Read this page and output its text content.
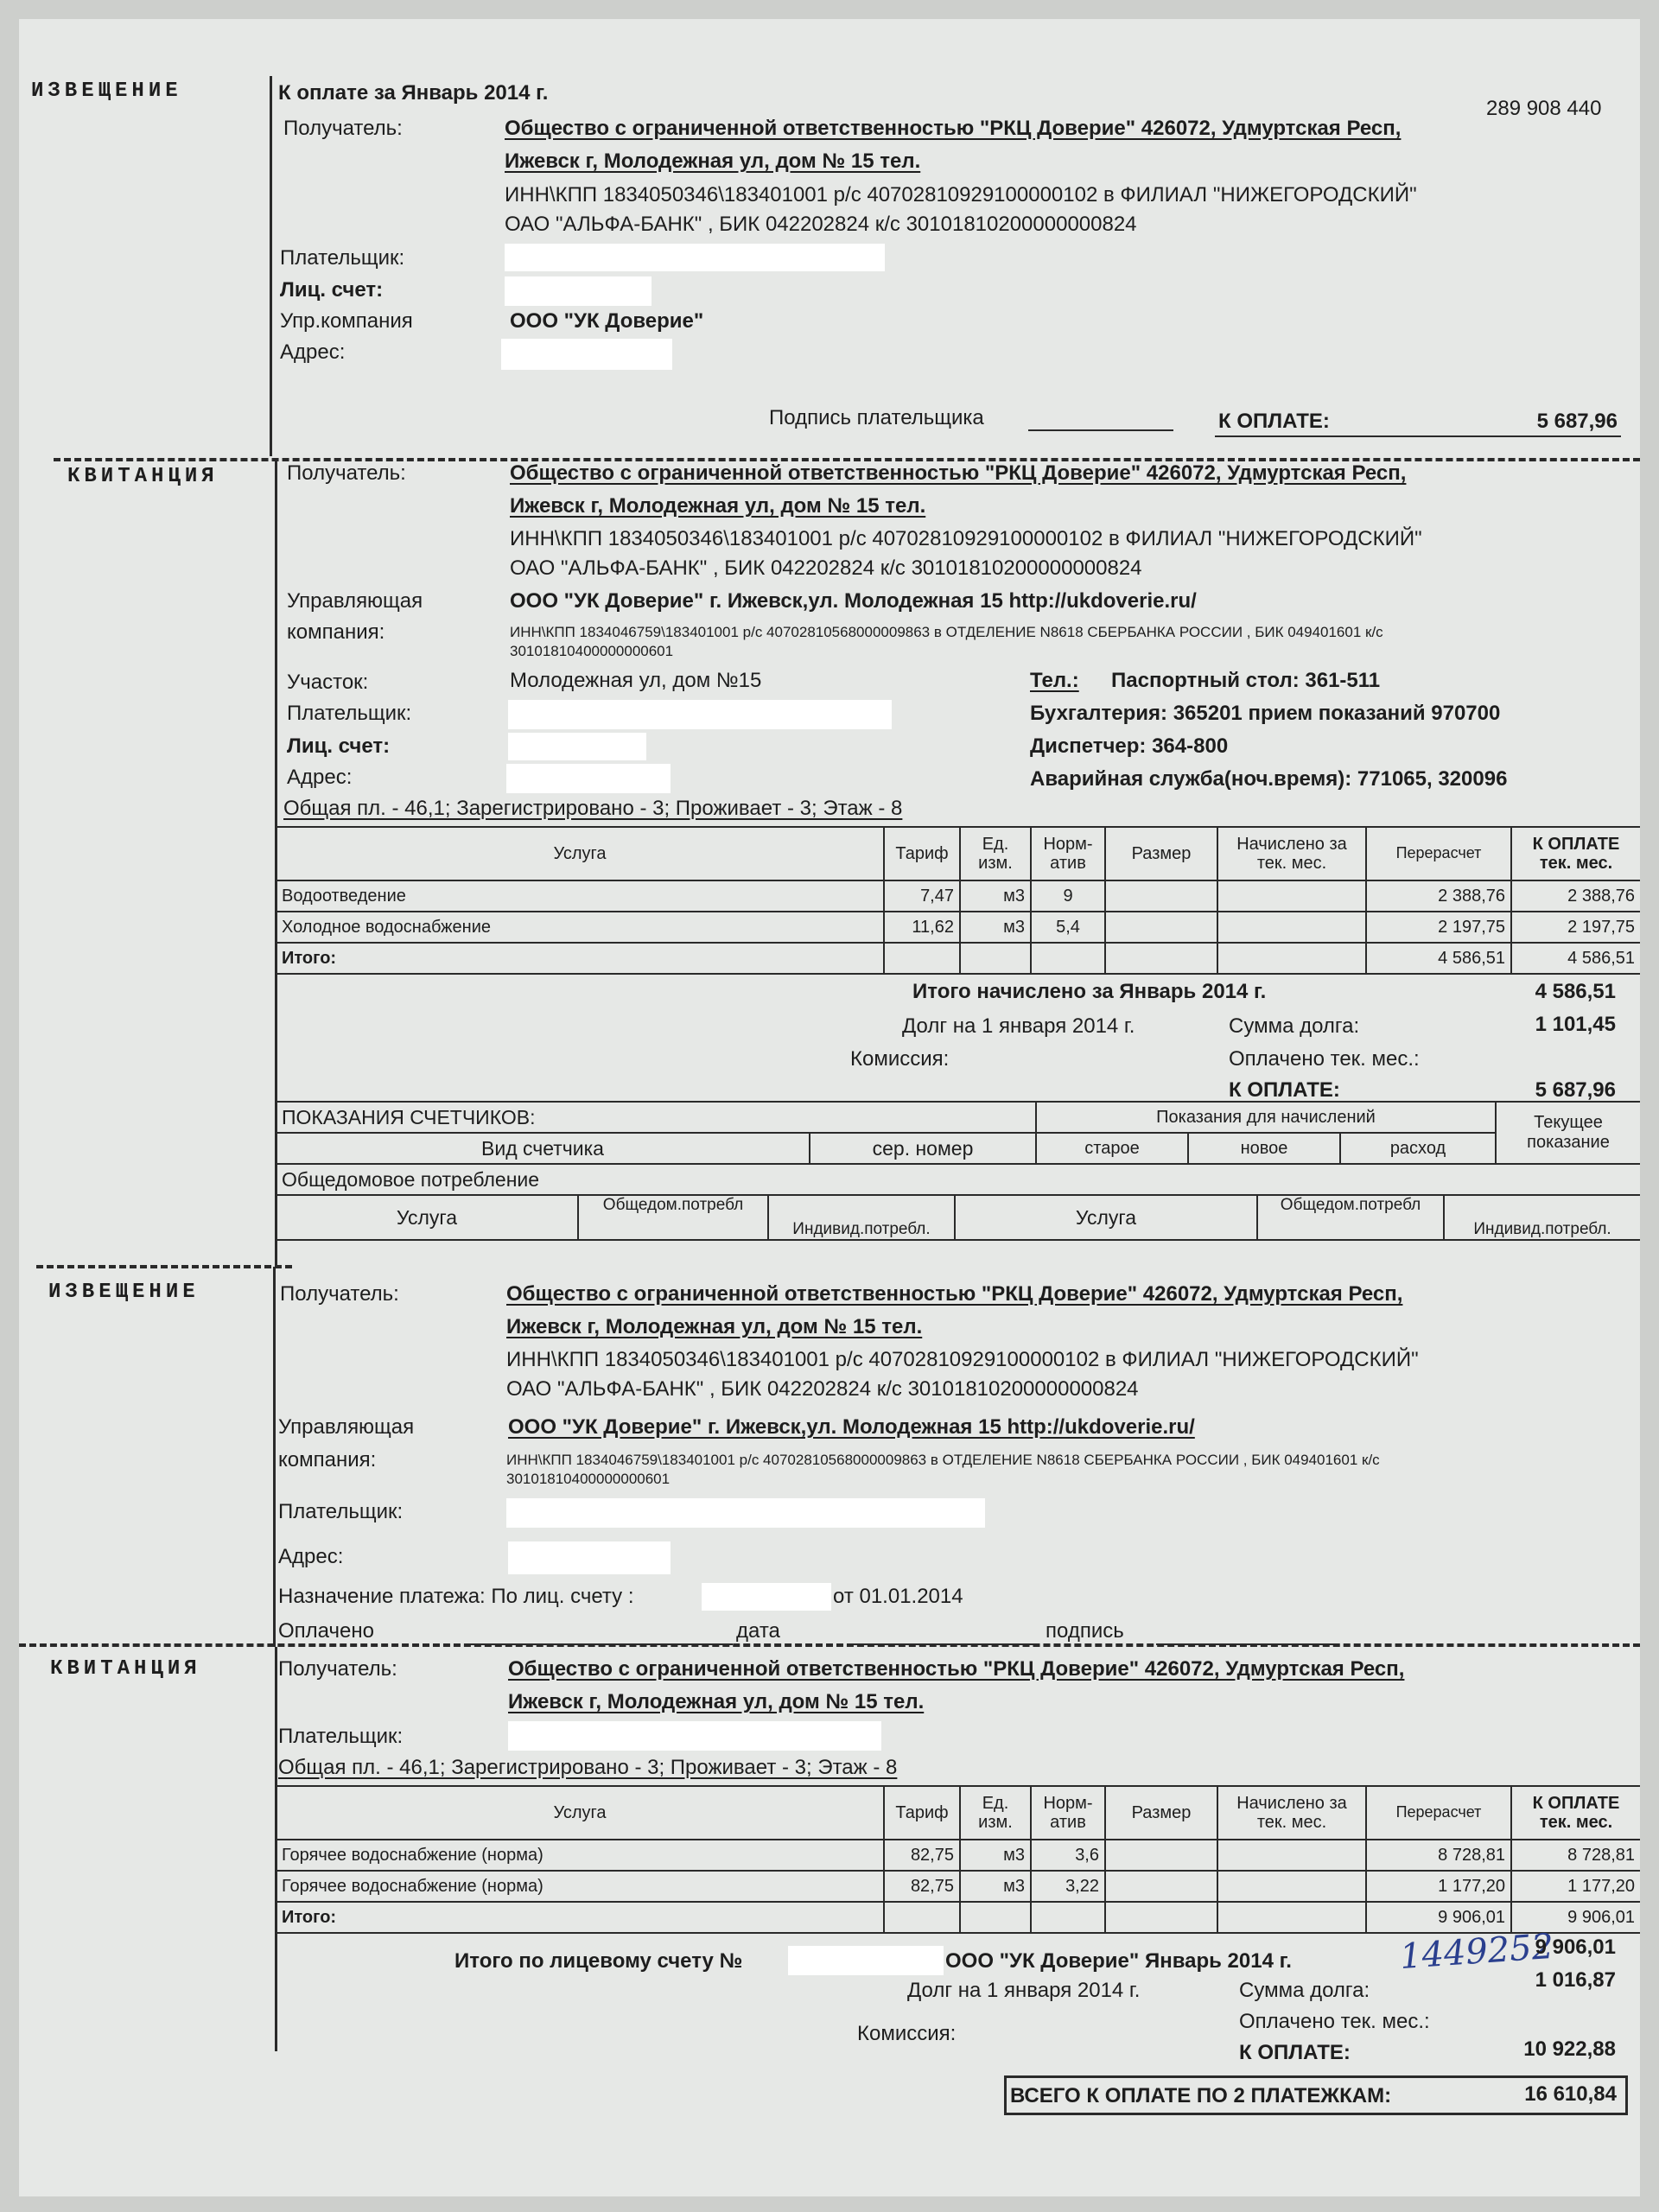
ИЗВЕЩЕНИЕ	К оплате за Январь 2014 г.
289 908 440
Получатель:	Общество с ограниченной ответственностью "РКЦ Доверие" 426072, Удмуртская Респ,
Ижевск г, Молодежная ул, дом № 15 тел.
ИНН\КПП 1834050346\183401001 р/с 40702810929100000102 в ФИЛИАЛ "НИЖЕГОРОДСКИЙ"
ОАО "АЛЬФА-БАНК" , БИК 042202824 к/с 30101810200000000824
Плательщик:
Лиц. счет:
Упр.компания	ООО "УК Доверие"
Адрес:
Подпись плательщика	К ОПЛАТЕ:	5 687,96
КВИТАНЦИЯ	Получатель:	Общество с ограниченной ответственностью "РКЦ Доверие" 426072, Удмуртская Респ,
Ижевск г, Молодежная ул, дом № 15 тел.
ИНН\КПП 1834050346\183401001 р/с 40702810929100000102 в ФИЛИАЛ "НИЖЕГОРОДСКИЙ"
ОАО "АЛЬФА-БАНК" , БИК 042202824 к/с 30101810200000000824
Управляющая
компания:
ООО "УК Доверие" г. Ижевск,ул. Молодежная 15 http://ukdoverie.ru/
ИНН\КПП 1834046759\183401001 р/с 40702810568000009863 в ОТДЕЛЕНИЕ N8618 СБЕРБАНКА РОССИИ , БИК 049401601 к/с
30101810400000000601
Участок:	Молодежная ул, дом №15
Плательщик:
Лиц. счет:
Адрес:
Тел.: Паспортный стол: 361-511
Бухгалтерия: 365201 прием показаний 970700
Диспетчер: 364-800
Аварийная служба(ноч.время): 771065, 320096
Общая пл. - 46,1; Зарегистрировано - 3; Проживает - 3; Этаж - 8
Услуга	Тариф	Ед. изм.	Норм- атив	Размер	Начислено за тек. мес.	Перерасчет	К ОПЛАТЕ тек. мес.
Водоотведение	7,47	м3	9			2 388,76	2 388,76
Холодное водоснабжение	11,62	м3	5,4			2 197,75	2 197,75
Итого:						4 586,51	4 586,51
Итого начислено за Январь 2014 г.	4 586,51
Долг на 1 января 2014 г.	Сумма долга:	1 101,45
Комиссия:	Оплачено тек. мес.:
К ОПЛАТЕ:	5 687,96
ПОКАЗАНИЯ СЧЕТЧИКОВ:		Показания для начислений			Текущее показание
Вид счетчика	сер. номер	старое	новое	расход	
Общедомовое потребление
Услуга	Общедом.потребл	Индивид.потребл.	Услуга	Общедом.потребл	Индивид.потребл.
ИЗВЕЩЕНИЕ	Получатель:	Общество с ограниченной ответственностью "РКЦ Доверие" 426072, Удмуртская Респ,
Ижевск г, Молодежная ул, дом № 15 тел.
ИНН\КПП 1834050346\183401001 р/с 40702810929100000102 в ФИЛИАЛ "НИЖЕГОРОДСКИЙ"
ОАО "АЛЬФА-БАНК" , БИК 042202824 к/с 30101810200000000824
Управляющая
компания:
ООО "УК Доверие" г. Ижевск,ул. Молодежная 15 http://ukdoverie.ru/
ИНН\КПП 1834046759\183401001 р/с 40702810568000009863 в ОТДЕЛЕНИЕ N8618 СБЕРБАНКА РОССИИ , БИК 049401601 к/с
30101810400000000601
Плательщик:
Адрес:
Назначение платежа: По лиц. счету :	от 01.01.2014
Оплачено	дата	подпись
КВИТАНЦИЯ	Получатель:	Общество с ограниченной ответственностью "РКЦ Доверие" 426072, Удмуртская Респ,
Ижевск г, Молодежная ул, дом № 15 тел.
Плательщик:
Общая пл. - 46,1; Зарегистрировано - 3; Проживает - 3; Этаж - 8
Услуга	Тариф	Ед. изм.	Норм- атив	Размер	Начислено за тек. мес.	Перерасчет	К ОПЛАТЕ тек. мес.
Горячее водоснабжение (норма)	82,75	м3	3,6			8 728,81	8 728,81
Горячее водоснабжение (норма)	82,75	м3	3,22			1 177,20	1 177,20
Итого:						9 906,01	9 906,01
Итого по лицевому счету №	ООО "УК Доверие" Январь 2014 г.	1449252
9 906,01
Долг на 1 января 2014 г.	Сумма долга:	1 016,87
Оплачено тек. мес.:
Комиссия:
К ОПЛАТЕ:	10 922,88
ВСЕГО К ОПЛАТЕ ПО 2 ПЛАТЕЖКАМ:	16 610,84
